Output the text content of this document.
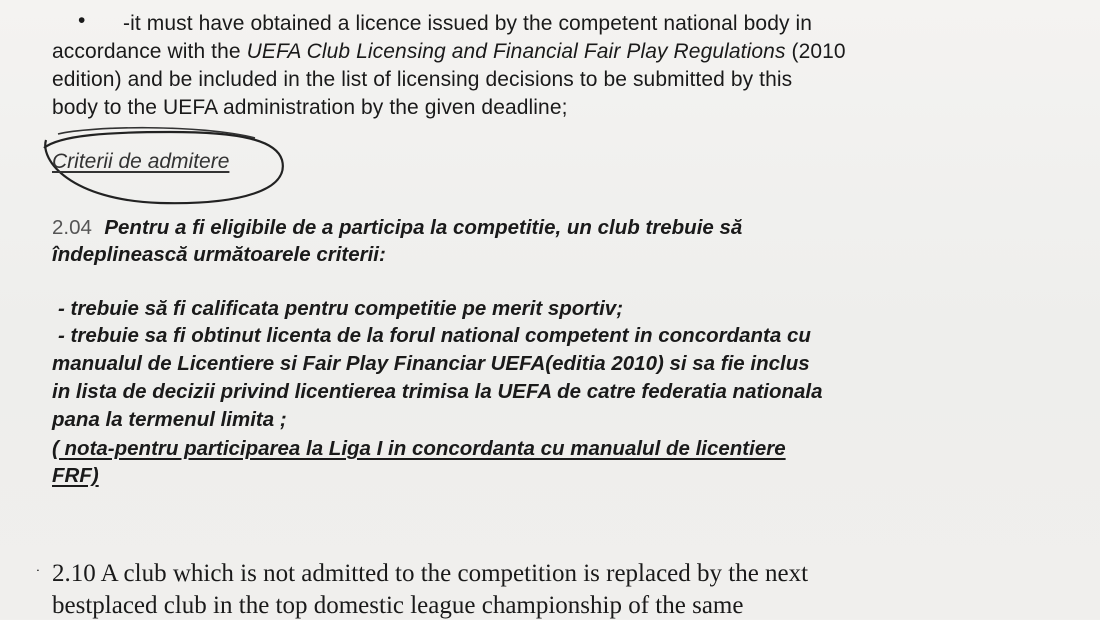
• -it must have obtained a licence issued by the competent national body in
accordance with the UEFA Club Licensing and Financial Fair Play Regulations (2010
edition) and be included in the list of licensing decisions to be submitted by this
body to the UEFA administration by the given deadline;
Criterii de admitere
2.04 Pentru a fi eligibile de a participa la competitie, un club trebuie să
îndeplinească următoarele criterii:
- trebuie să fi calificata pentru competitie pe merit sportiv;
- trebuie sa fi obtinut licenta de la forul national competent in concordanta cu
manualul de Licentiere si Fair Play Financiar UEFA(editia 2010) si sa fie inclus
in lista de decizii privind licentierea trimisa la UEFA de catre federatia nationala
pana la termenul limita ;
( nota-pentru participarea la Liga I in concordanta cu manualul de licentiere
FRF)
˙ 2.10 A club which is not admitted to the competition is replaced by the next
bestplaced club in the top domestic league championship of the same
